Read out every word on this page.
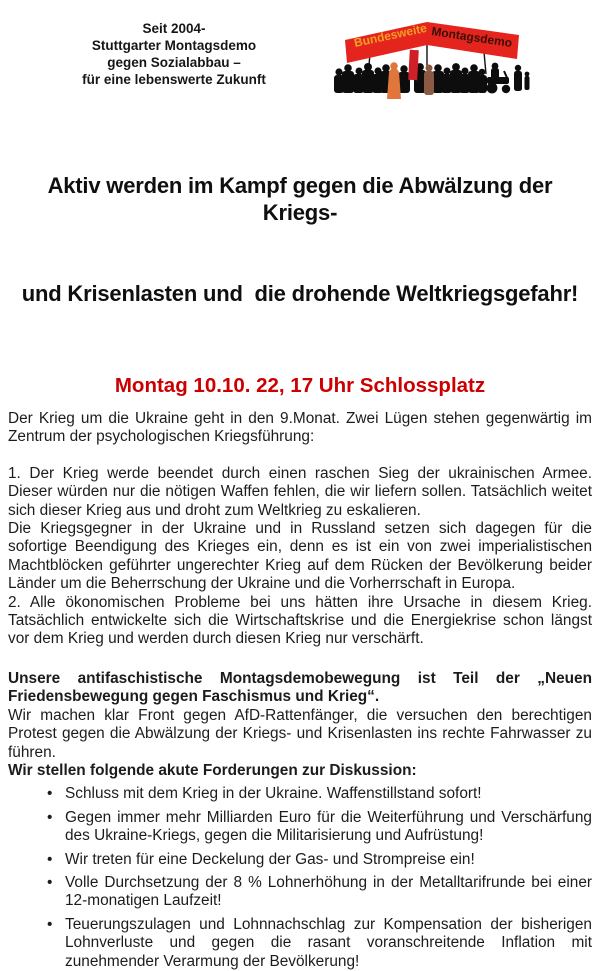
Seit 2004-
Stuttgarter Montagsdemo
gegen Sozialabbau –
für eine lebenswerte Zukunft
Bundesweite Montagsdemo

Aktiv werden im Kampf gegen die Abwälzung der Kriegs-

und Krisenlasten und  die drohende Weltkriegsgefahr!

Montag 10.10. 22, 17 Uhr Schlossplatz

Der Krieg um die Ukraine geht in den 9.Monat. Zwei Lügen stehen gegenwärtig im Zentrum der psychologischen Kriegsführung:

1. Der Krieg werde beendet durch einen raschen Sieg der ukrainischen Armee. Dieser würden nur die nötigen Waffen fehlen, die wir liefern sollen. Tatsächlich weitet sich dieser Krieg aus und droht zum Weltkrieg zu eskalieren.

Die Kriegsgegner in der Ukraine und in Russland setzen sich dagegen für die sofortige Beendigung des Krieges ein, denn es ist ein von zwei imperialistischen Machtblöcken geführter ungerechter Krieg auf dem Rücken der Bevölkerung beider Länder um die Beherrschung der Ukraine und die Vorherrschaft in Europa.

2. Alle ökonomischen Probleme bei uns hätten ihre Ursache in diesem Krieg. Tatsächlich entwickelte sich die Wirtschaftskrise und die Energiekrise schon längst vor dem Krieg und werden durch diesen Krieg nur verschärft.

Unsere antifaschistische Montagsdemobewegung ist Teil der „Neuen Friedensbewegung gegen Faschismus und Krieg“.

Wir machen klar Front gegen AfD-Rattenfänger, die versuchen den berechtigen Protest gegen die Abwälzung der Kriegs- und Krisenlasten ins rechte Fahrwasser zu führen.

Wir stellen folgende akute Forderungen zur Diskussion:

• Schluss mit dem Krieg in der Ukraine. Waffenstillstand sofort!
• Gegen immer mehr Milliarden Euro für die Weiterführung und Verschärfung des Ukraine-Kriegs, gegen die Militarisierung und Aufrüstung!
• Wir treten für eine Deckelung der Gas- und Strompreise ein!
• Volle Durchsetzung der 8 % Lohnerhöhung in der Metalltarifrunde bei einer 12-monatigen Laufzeit!
• Teuerungszulagen und Lohnnachschlag zur Kompensation der bisherigen Lohnverluste und gegen die rasant voranschreitende Inflation mit zunehmender Verarmung der Bevölkerung!
